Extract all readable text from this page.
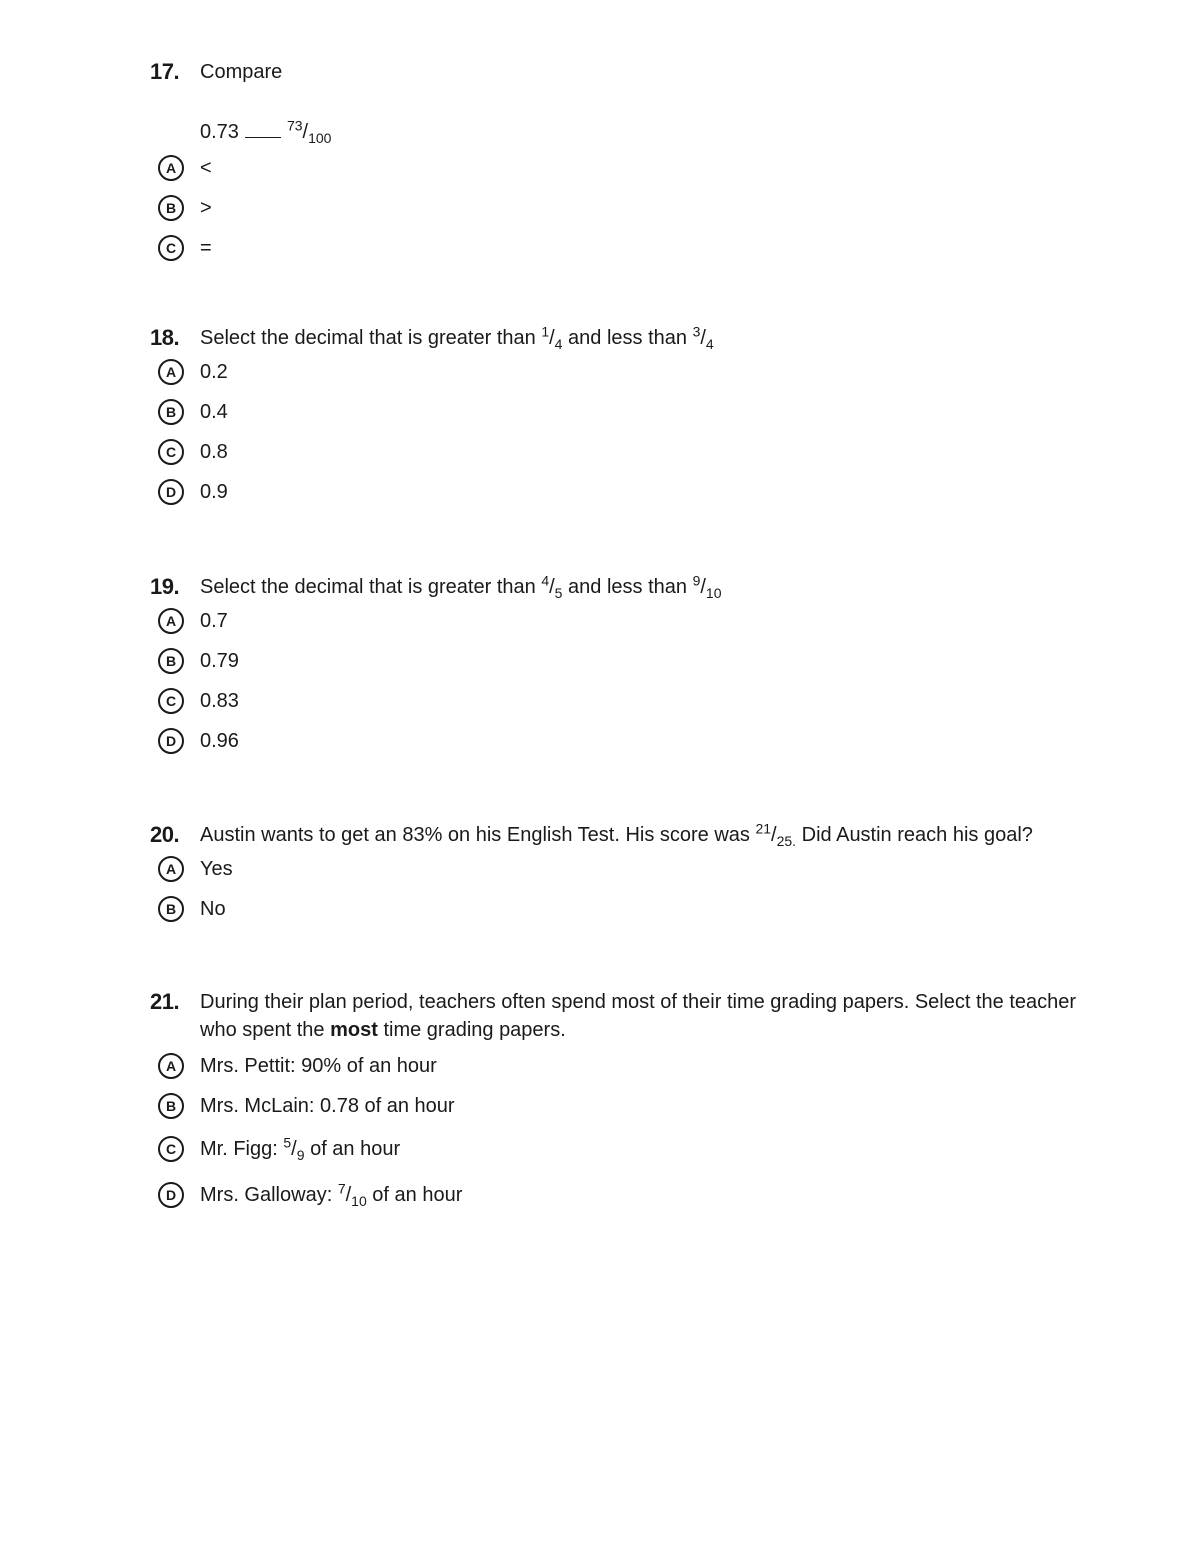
17.	Compare
0.73	$^{73}/_{100}$
A	<
B	>
C	=
18.	Select the decimal that is greater than $^1/_4$ and less than $^3/_4$
A	0.2
B	0.4
C	0.8
D	0.9
19.	Select the decimal that is greater than $^4/_5$ and less than $^9/_{10}$
A	0.7
B	0.79
C	0.83
D	0.96
20.	Austin wants to get an 83% on his English Test. His score was $^{21}/_{25.}$ Did Austin reach his goal?
A	Yes
B	No
21.	During their plan period, teachers often spend most of their time grading papers. Select the teacher who spent the most time grading papers.
A	Mrs. Pettit: 90% of an hour
B	Mrs. McLain: 0.78 of an hour
C	Mr. Figg: $^5/_9$ of an hour
D	Mrs. Galloway: $^7/_{10}$ of an hour
